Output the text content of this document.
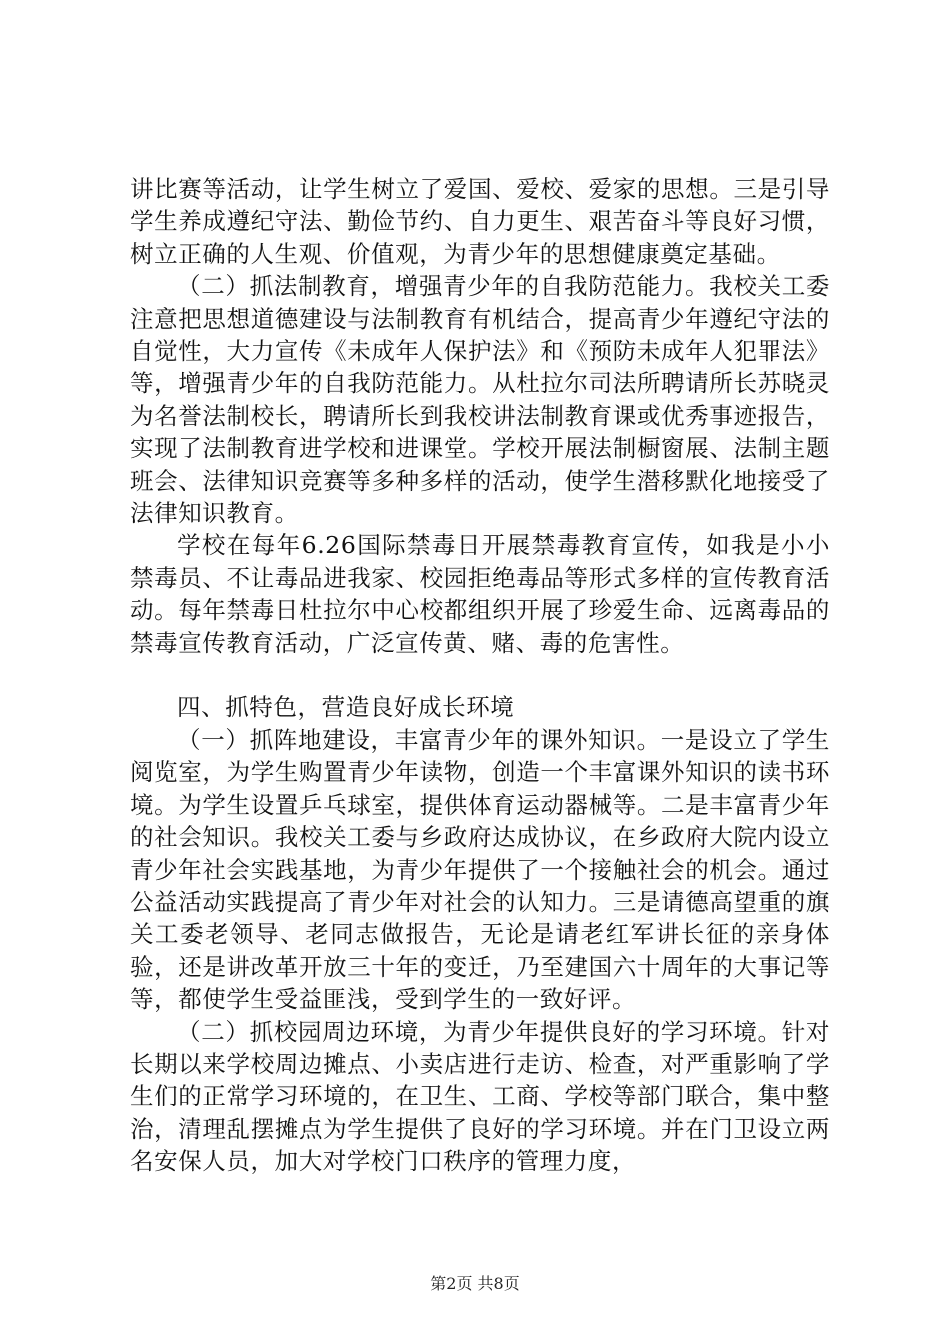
讲比赛等活动，让学生树立了爱国、爱校、爱家的思想。三是引导学生养成遵纪守法、勤俭节约、自力更生、艰苦奋斗等良好习惯，树立正确的人生观、价值观，为青少年的思想健康奠定基础。

（二）抓法制教育，增强青少年的自我防范能力。我校关工委注意把思想道德建设与法制教育有机结合，提高青少年遵纪守法的自觉性，大力宣传《未成年人保护法》和《预防未成年人犯罪法》等，增强青少年的自我防范能力。从杜拉尔司法所聘请所长苏晓灵为名誉法制校长，聘请所长到我校讲法制教育课或优秀事迹报告，实现了法制教育进学校和进课堂。学校开展法制橱窗展、法制主题班会、法律知识竞赛等多种多样的活动，使学生潜移默化地接受了法律知识教育。

学校在每年6.26国际禁毒日开展禁毒教育宣传，如我是小小禁毒员、不让毒品进我家、校园拒绝毒品等形式多样的宣传教育活动。每年禁毒日杜拉尔中心校都组织开展了珍爱生命、远离毒品的禁毒宣传教育活动，广泛宣传黄、赌、毒的危害性。

四、抓特色，营造良好成长环境

（一）抓阵地建设，丰富青少年的课外知识。一是设立了学生阅览室，为学生购置青少年读物，创造一个丰富课外知识的读书环境。为学生设置乒乓球室，提供体育运动器械等。二是丰富青少年的社会知识。我校关工委与乡政府达成协议，在乡政府大院内设立青少年社会实践基地，为青少年提供了一个接触社会的机会。通过公益活动实践提高了青少年对社会的认知力。三是请德高望重的旗关工委老领导、老同志做报告，无论是请老红军讲长征的亲身体验，还是讲改革开放三十年的变迁，乃至建国六十周年的大事记等等，都使学生受益匪浅，受到学生的一致好评。

（二）抓校园周边环境，为青少年提供良好的学习环境。针对长期以来学校周边摊点、小卖店进行走访、检查，对严重影响了学生们的正常学习环境的，在卫生、工商、学校等部门联合，集中整治，清理乱摆摊点为学生提供了良好的学习环境。并在门卫设立两名安保人员，加大对学校门口秩序的管理力度，

第2页 共8页
